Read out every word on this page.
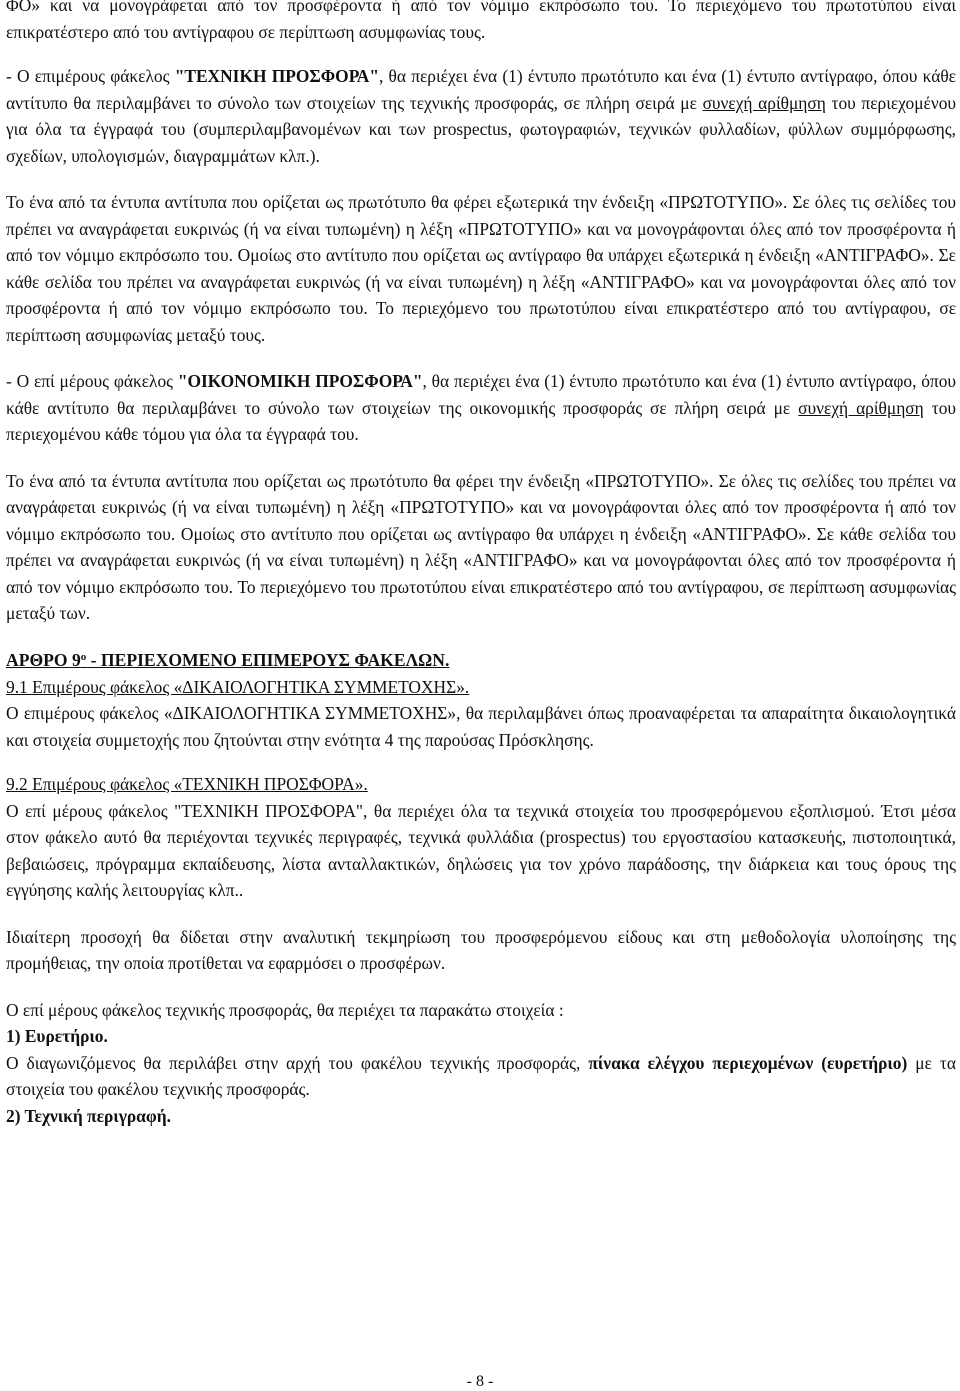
ΦΟ» και να μονογράφεται από τον προσφέροντα ή από τον νόμιμο εκπρόσωπο του. Το περιεχόμενο του πρωτοτύπου είναι επικρατέστερο από του αντίγραφου σε περίπτωση ασυμφωνίας τους.

- Ο επιμέρους φάκελος "ΤΕΧΝΙΚΗ ΠΡΟΣΦΟΡΑ", θα περιέχει ένα (1) έντυπο πρωτότυπο και ένα (1) έντυπο αντίγραφο, όπου κάθε αντίτυπο θα περιλαμβάνει το σύνολο των στοιχείων της τεχνικής προσφοράς, σε πλήρη σειρά με συνεχή αρίθμηση του περιεχομένου για όλα τα έγγραφά του (συμπεριλαμβανομένων και των prospectus, φωτογραφιών, τεχνικών φυλλαδίων, φύλλων συμμόρφωσης, σχεδίων, υπολογισμών, διαγραμμάτων κλπ.).

Το ένα από τα έντυπα αντίτυπα που ορίζεται ως πρωτότυπο θα φέρει εξωτερικά την ένδειξη «ΠΡΩΤΟΤΥΠΟ». Σε όλες τις σελίδες του πρέπει να αναγράφεται ευκρινώς (ή να είναι τυπωμένη) η λέξη «ΠΡΩΤΟΤΥΠΟ» και να μονογράφονται όλες από τον προσφέροντα ή από τον νόμιμο εκπρόσωπο του. Ομοίως στο αντίτυπο που ορίζεται ως αντίγραφο θα υπάρχει εξωτερικά η ένδειξη «ΑΝΤΙΓΡΑΦΟ». Σε κάθε σελίδα του πρέπει να αναγράφεται ευκρινώς (ή να είναι τυπωμένη) η λέξη «ΑΝΤΙΓΡΑΦΟ» και να μονογράφονται όλες από τον προσφέροντα ή από τον νόμιμο εκπρόσωπο του. Το περιεχόμενο του πρωτοτύπου είναι επικρατέστερο από του αντίγραφου, σε περίπτωση ασυμφωνίας μεταξύ τους.

- Ο επί μέρους φάκελος "ΟΙΚΟΝΟΜΙΚΗ ΠΡΟΣΦΟΡΑ", θα περιέχει ένα (1) έντυπο πρωτότυπο και ένα (1) έντυπο αντίγραφο, όπου κάθε αντίτυπο θα περιλαμβάνει το σύνολο των στοιχείων της οικονομικής προσφοράς σε πλήρη σειρά με συνεχή αρίθμηση του περιεχομένου κάθε τόμου για όλα τα έγγραφά του.

Το ένα από τα έντυπα αντίτυπα που ορίζεται ως πρωτότυπο θα φέρει την ένδειξη «ΠΡΩΤΟΤΥΠΟ». Σε όλες τις σελίδες του πρέπει να αναγράφεται ευκρινώς (ή να είναι τυπωμένη) η λέξη «ΠΡΩΤΟΤΥΠΟ» και να μονογράφονται όλες από τον προσφέροντα ή από τον νόμιμο εκπρόσωπο του. Ομοίως στο αντίτυπο που ορίζεται ως αντίγραφο θα υπάρχει η ένδειξη «ΑΝΤΙΓΡΑΦΟ». Σε κάθε σελίδα του πρέπει να αναγράφεται ευκρινώς (ή να είναι τυπωμένη) η λέξη «ΑΝΤΙΓΡΑΦΟ» και να μονογράφονται όλες από τον προσφέροντα ή από τον νόμιμο εκπρόσωπο του. Το περιεχόμενο του πρωτοτύπου είναι επικρατέστερο από του αντίγραφου, σε περίπτωση ασυμφωνίας μεταξύ των.

ΑΡΘΡΟ $9^o$ - ΠΕΡΙΕΧΟΜΕΝΟ ΕΠΙΜΕΡΟΥΣ ΦΑΚΕΛΩΝ.

9.1 Επιμέρους φάκελος «ΔΙΚΑΙΟΛΟΓΗΤΙΚΑ ΣΥΜΜΕΤΟΧΗΣ».

Ο επιμέρους φάκελος «ΔΙΚΑΙΟΛΟΓΗΤΙΚΑ ΣΥΜΜΕΤΟΧΗΣ», θα περιλαμβάνει όπως προαναφέρεται τα απαραίτητα δικαιολογητικά και στοιχεία συμμετοχής που ζητούνται στην ενότητα 4 της παρούσας Πρόσκλησης.

9.2 Επιμέρους φάκελος «ΤΕΧΝΙΚΗ ΠΡΟΣΦΟΡΑ».

Ο επί μέρους φάκελος "ΤΕΧΝΙΚΗ ΠΡΟΣΦΟΡΑ", θα περιέχει όλα τα τεχνικά στοιχεία του προσφερόμενου εξοπλισμού. Έτσι μέσα στον φάκελο αυτό θα περιέχονται τεχνικές περιγραφές, τεχνικά φυλλάδια (prospectus) του εργοστασίου κατασκευής, πιστοποιητικά, βεβαιώσεις, πρόγραμμα εκπαίδευσης, λίστα ανταλλακτικών, δηλώσεις για τον χρόνο παράδοσης, την διάρκεια και τους όρους της εγγύησης καλής λειτουργίας κλπ..

Ιδιαίτερη προσοχή θα δίδεται στην αναλυτική τεκμηρίωση του προσφερόμενου είδους και στη μεθοδολογία υλοποίησης της προμήθειας, την οποία προτίθεται να εφαρμόσει ο προσφέρων.

Ο επί μέρους φάκελος τεχνικής προσφοράς, θα περιέχει τα παρακάτω στοιχεία :

1) Ευρετήριο.

Ο διαγωνιζόμενος θα περιλάβει στην αρχή του φακέλου τεχνικής προσφοράς, πίνακα ελέγχου περιεχομένων (ευρετήριο) με τα στοιχεία του φακέλου τεχνικής προσφοράς.

2) Τεχνική περιγραφή.

- 8 -
